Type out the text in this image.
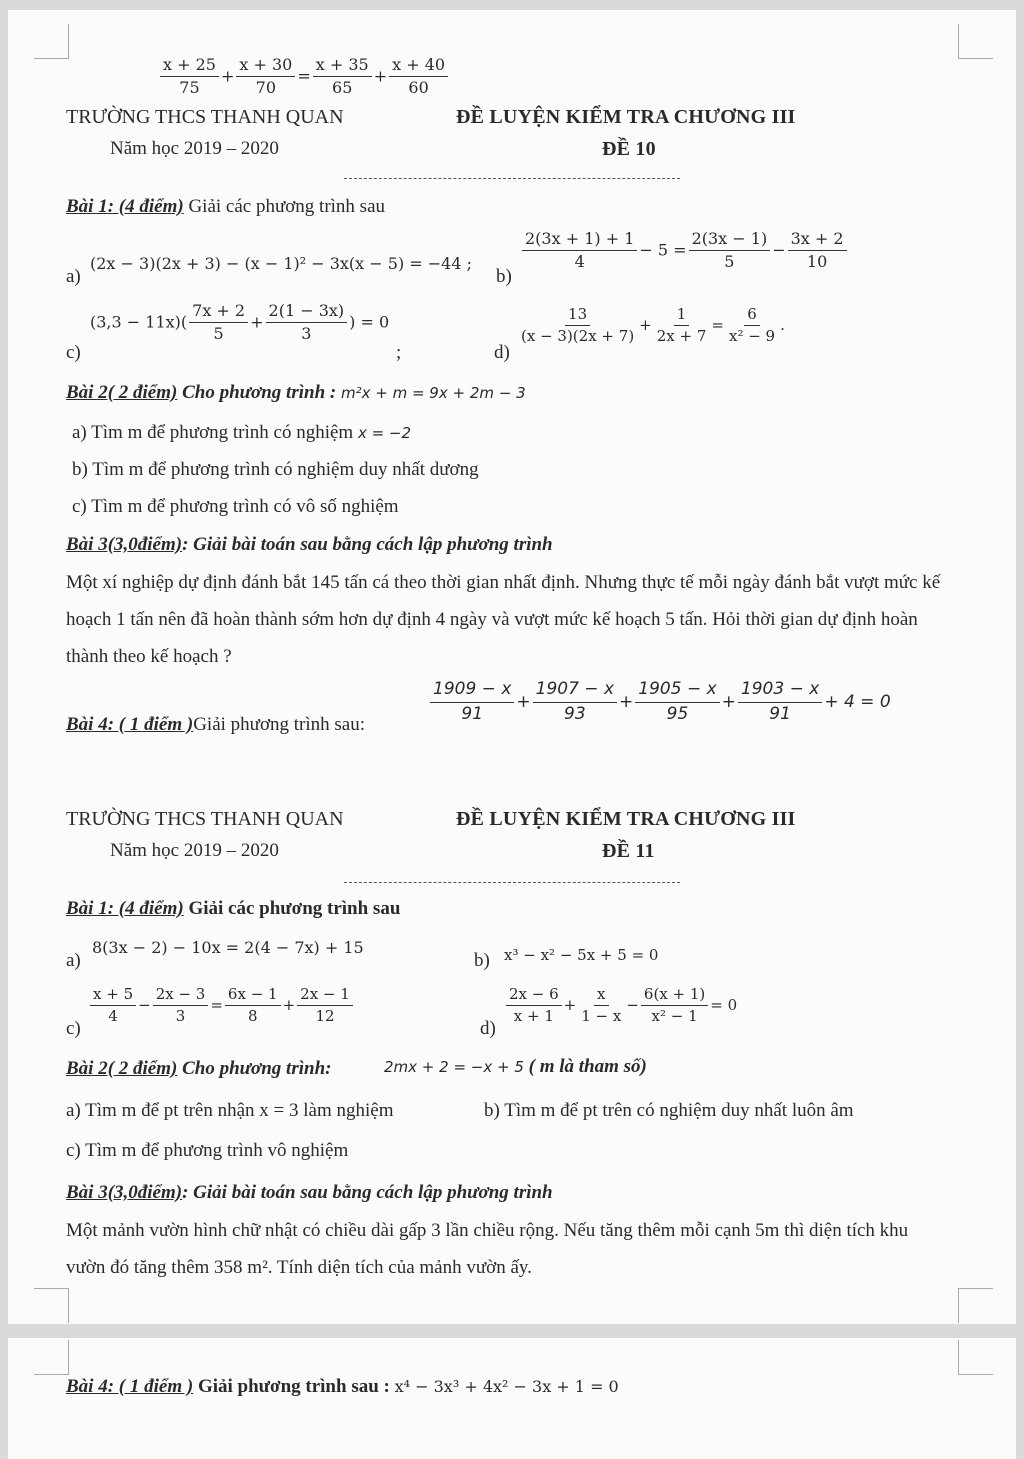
$\frac{x + 25}{75} + \frac{x + 30}{70} = \frac{x + 35}{65} + \frac{x + 40}{60}$
TRƯỜNG THCS THANH QUAN
Năm học 2019 – 2020
ĐỀ LUYỆN KIỂM TRA CHƯƠNG III
ĐỀ 10
Bài 1: (4 điểm) Giải các phương trình sau
a)
(2x − 3)(2x + 3) − (x − 1)² − 3x(x − 5) = −44 ;
b)
$\frac{2(3x + 1) + 1}{4} - 5 = \frac{2(3x - 1)}{5} - \frac{3x + 2}{10}$
c)
$(3,3 - 11x)( \frac{7x + 2}{5} + \frac{2(1 - 3x)}{3}$ ) = 0
;	d)
$\frac{13}{(x - 3)(2x + 7)} + \frac{1}{2x + 7} = \frac{6}{\text{x² − 9}}$ .
Bài 2( 2 điểm) Cho phương trình : m²x + m = 9x + 2m − 3
a) Tìm m để phương trình có nghiệm x = −2
b) Tìm m để phương trình có nghiệm duy nhất dương
c) Tìm m để phương trình có vô số nghiệm
Bài 3(3,0điểm): Giải bài toán sau bằng cách lập phương trình
Một xí nghiệp dự định đánh bắt 145 tấn cá theo thời gian nhất định. Nhưng thực tế mỗi ngày đánh bắt vượt mức kế hoạch 1 tấn nên đã hoàn thành sớm hơn dự định 4 ngày và vượt mức kế hoạch 5 tấn. Hỏi thời gian dự định hoàn thành theo kế hoạch ?
Bài 4: ( 1 điểm )Giải phương trình sau:
$\frac{1909 - x}{91} + \frac{1907 - x}{93} + \frac{1905 - x}{95} + \frac{1903 - x}{91} + 4 = 0$
TRƯỜNG THCS THANH QUAN
Năm học 2019 – 2020
ĐỀ LUYỆN KIỂM TRA CHƯƠNG III
ĐỀ 11
Bài 1: (4 điểm) Giải các phương trình sau
a)
8(3x − 2) − 10x = 2(4 − 7x) + 15
b) x³ − x² − 5x + 5 = 0
c)
$\frac{x + 5}{4} - \frac{2x - 3}{3} = \frac{6x - 1}{8} + \frac{2x - 1}{12}$
d)
$\frac{2x - 6}{x + 1} + \frac{x}{1 - x} - \frac{6(x + 1)}{\text{x² − 1}} = 0$
Bài 2( 2 điểm) Cho phương trình:	2mx + 2 = −x + 5 ( m là tham số)
a) Tìm m để pt trên nhận x = 3 làm nghiệm	b) Tìm m để pt trên có nghiệm duy nhất luôn âm
c) Tìm m để phương trình vô nghiệm
Bài 3(3,0điểm): Giải bài toán sau bằng cách lập phương trình
Một mảnh vườn hình chữ nhật có chiều dài gấp 3 lần chiều rộng. Nếu tăng thêm mỗi cạnh 5m thì diện tích khu vườn đó tăng thêm 358 m². Tính diện tích của mảnh vườn ấy.
Bài 4: ( 1 điểm ) Giải phương trình sau : x⁴ − 3x³ + 4x² − 3x + 1 = 0
